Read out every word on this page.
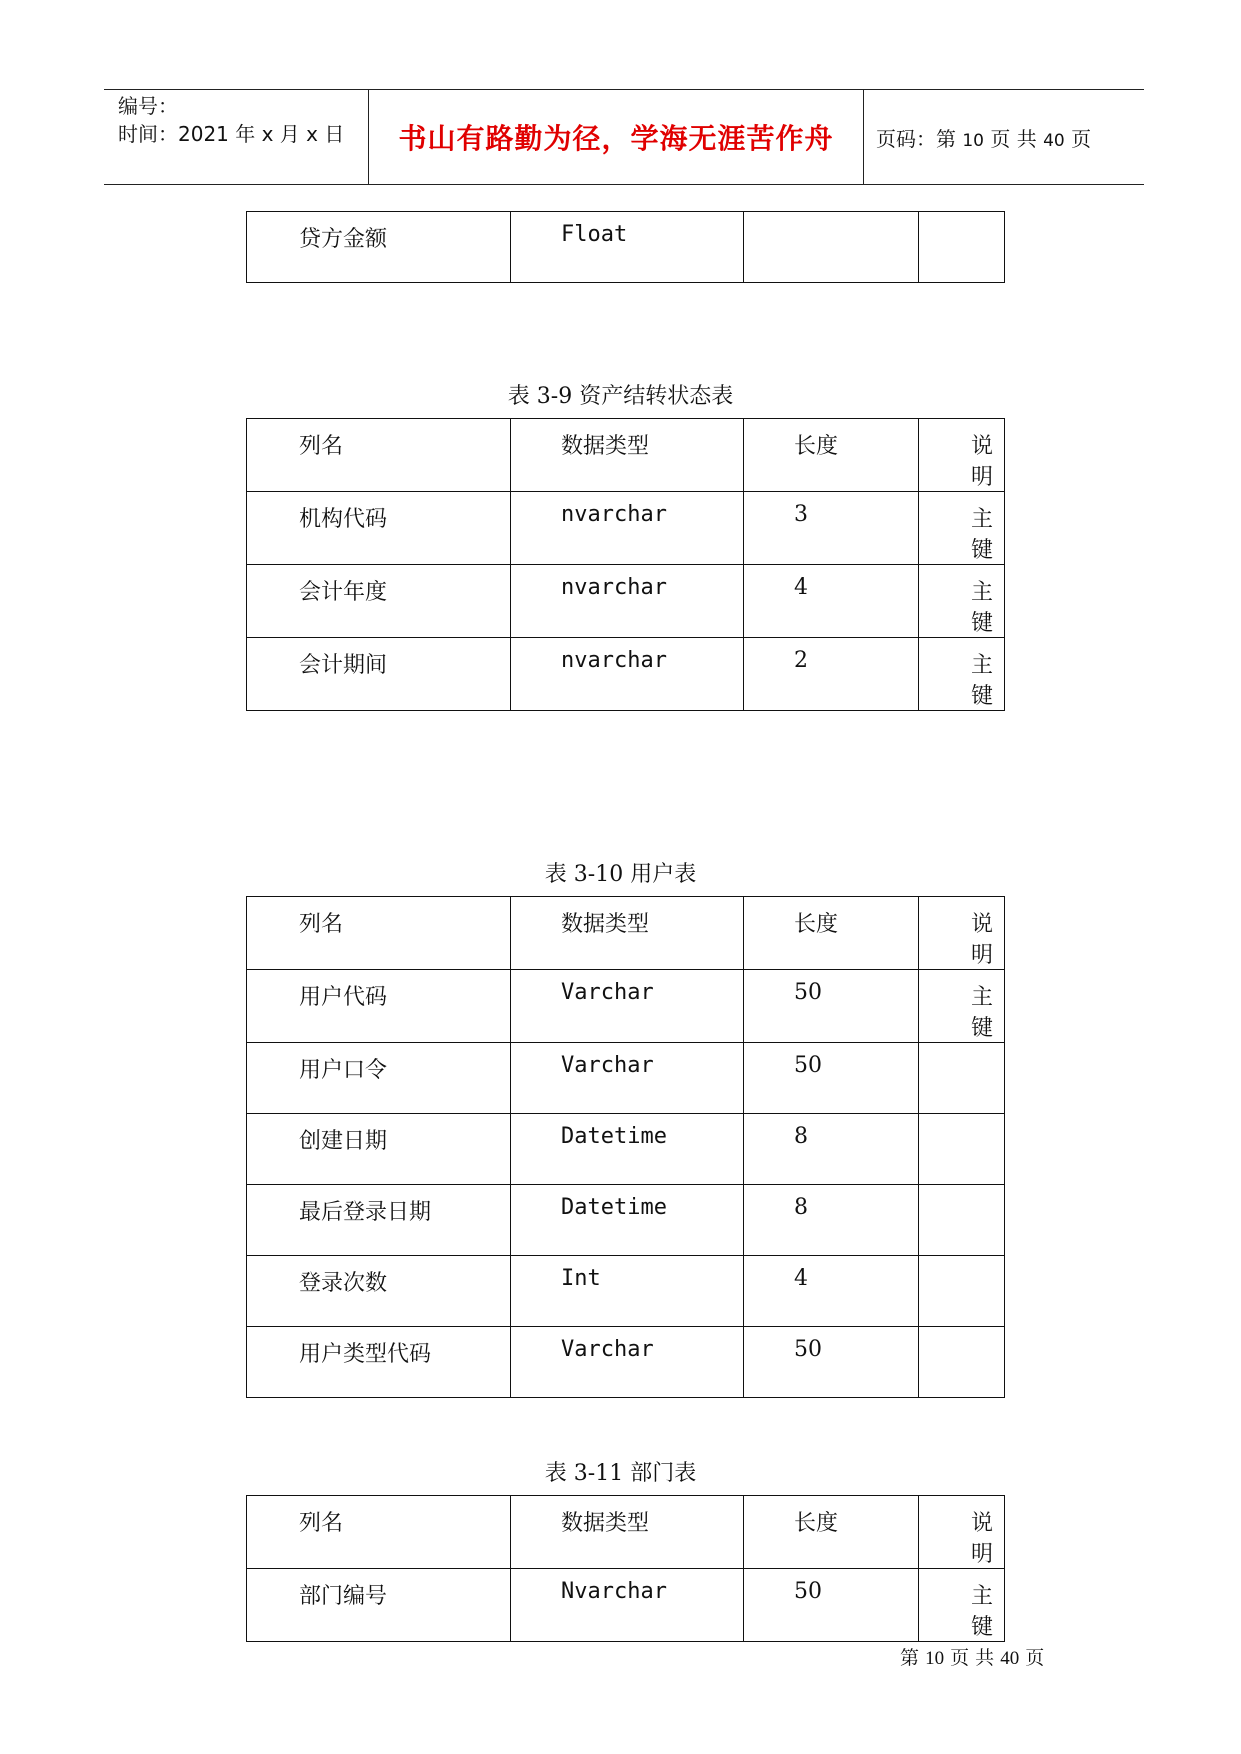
编号：
时间：2021 年 x 月 x 日	书山有路勤为径，学海无涯苦作舟 页码：第 10 页 共 40 页
贷方金额	Float		
表 3-9 资产结转状态表
列名	数据类型	长度	说明
机构代码	nvarchar	3	主键
会计年度	nvarchar	4	主键
会计期间	nvarchar	2	主键
表 3-10 用户表
列名	数据类型	长度	说明
用户代码	Varchar	50	主键
用户口令	Varchar	50	
创建日期	Datetime	8	
最后登录日期	Datetime	8	
登录次数	Int	4	
用户类型代码	Varchar	50	
表 3-11 部门表
列名	数据类型	长度	说明
部门编号	Nvarchar	50	主键
第 10 页 共 40 页
